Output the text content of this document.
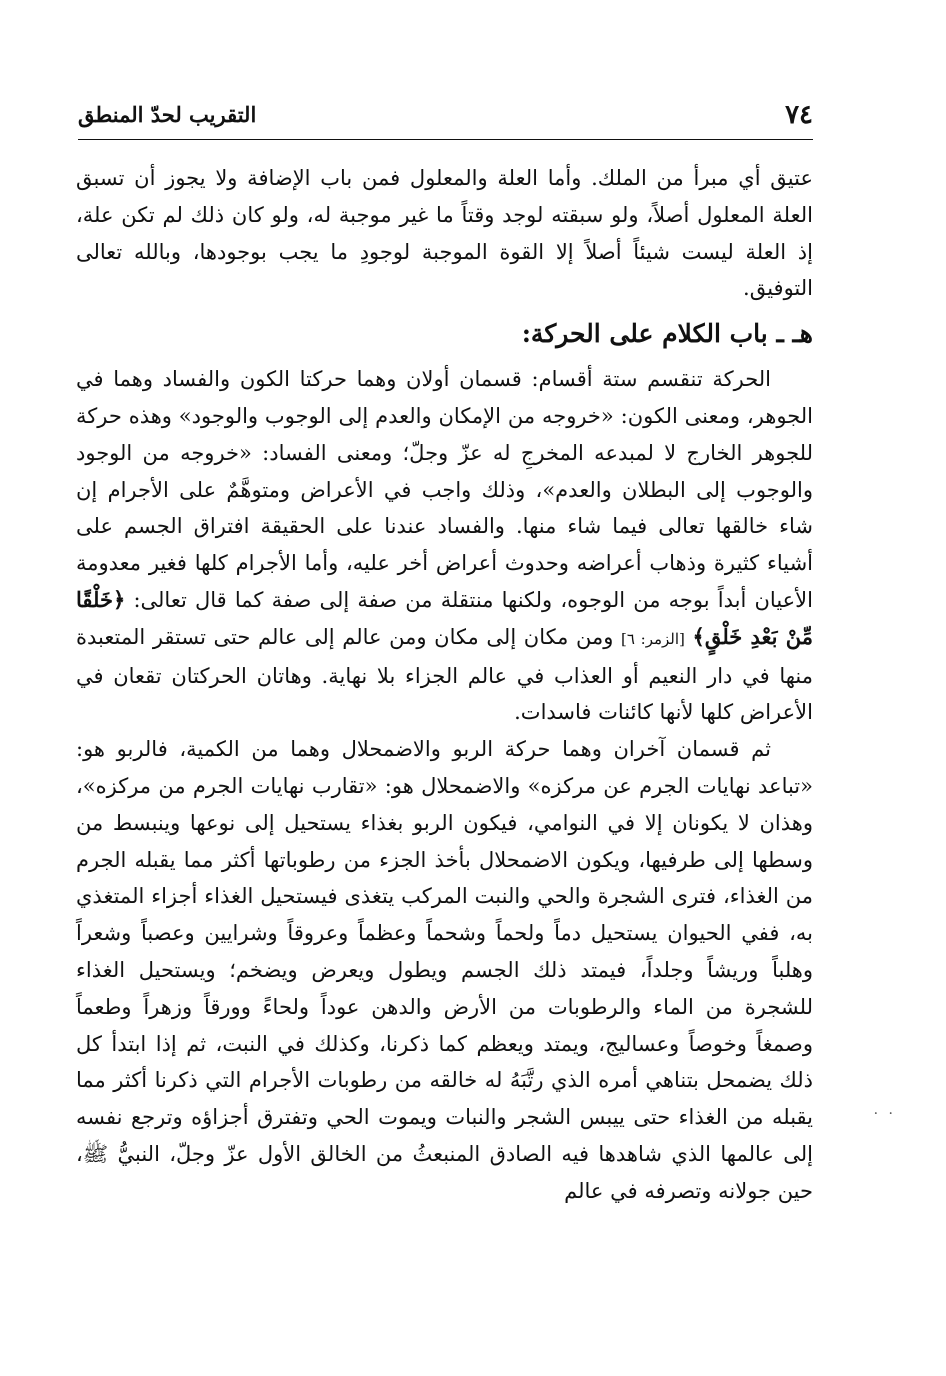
٧٤
التقريب لحدّ المنطق

عتيق أي مبرأ من الملك. وأما العلة والمعلول فمن باب الإضافة ولا يجوز أن تسبق العلة المعلول أصلاً، ولو سبقته لوجد وقتاً ما غير موجبة له، ولو كان ذلك لم تكن علة، إذ العلة ليست شيئاً أصلاً إلا القوة الموجبة لوجودِ ما يجب بوجودها، وبالله تعالى التوفيق.

هـ ـ باب الكلام على الحركة:

الحركة تنقسم ستة أقسام: قسمان أولان وهما حركتا الكون والفساد وهما في الجوهر، ومعنى الكون: «خروجه من الإمكان والعدم إلى الوجوب والوجود» وهذه حركة للجوهر الخارج لا لمبدعه المخرجِ له عزّ وجلّ؛ ومعنى الفساد: «خروجه من الوجود والوجوب إلى البطلان والعدم»، وذلك واجب في الأعراض ومتوهَّمٌ على الأجرام إن شاء خالقها تعالى فيما شاء منها. والفساد عندنا على الحقيقة افتراق الجسم على أشياء كثيرة وذهاب أعراضه وحدوث أعراض أخر عليه، وأما الأجرام كلها فغير معدومة الأعيان أبداً بوجه من الوجوه، ولكنها منتقلة من صفة إلى صفة كما قال تعالى: ﴿خَلْقًا مِّنْ بَعْدِ خَلْقٍ﴾ [الزمر: ٦] ومن مكان إلى مكان ومن عالم إلى عالم حتى تستقر المتعبدة منها في دار النعيم أو العذاب في عالم الجزاء بلا نهاية. وهاتان الحركتان تقعان في الأعراض كلها لأنها كائنات فاسدات.

ثم قسمان آخران وهما حركة الربو والاضمحلال وهما من الكمية، فالربو هو: «تباعد نهايات الجرم عن مركزه» والاضمحلال هو: «تقارب نهايات الجرم من مركزه»، وهذان لا يكونان إلا في النوامي، فيكون الربو بغذاء يستحيل إلى نوعها وينبسط من وسطها إلى طرفيها، ويكون الاضمحلال بأخذ الجزء من رطوباتها أكثر مما يقبله الجرم من الغذاء، فترى الشجرة والحي والنبت المركب يتغذى فيستحيل الغذاء أجزاء المتغذي به، ففي الحيوان يستحيل دماً ولحماً وشحماً وعظماً وعروقاً وشرايين وعصباً وشعراً وهلباً وريشاً وجلداً، فيمتد ذلك الجسم ويطول ويعرض ويضخم؛ ويستحيل الغذاء للشجرة من الماء والرطوبات من الأرض والدهن عوداً ولحاءً وورقاً وزهراً وطعماً وصمغاً وخوصاً وعساليج، ويمتد ويعظم كما ذكرنا، وكذلك في النبت، ثم إذا ابتدأ كل ذلك يضمحل بتناهي أمره الذي رتَّبَهُ له خالقه من رطوبات الأجرام التي ذكرنا أكثر مما يقبله من الغذاء حتى ييبس الشجر والنبات ويموت الحي وتفترق أجزاؤه وترجع نفسه إلى عالمها الذي شاهدها فيه الصادق المنبعثُ من الخالق الأول عزّ وجلّ، النبيُّ ﷺ، حين جولانه وتصرفه في عالم

· ·
